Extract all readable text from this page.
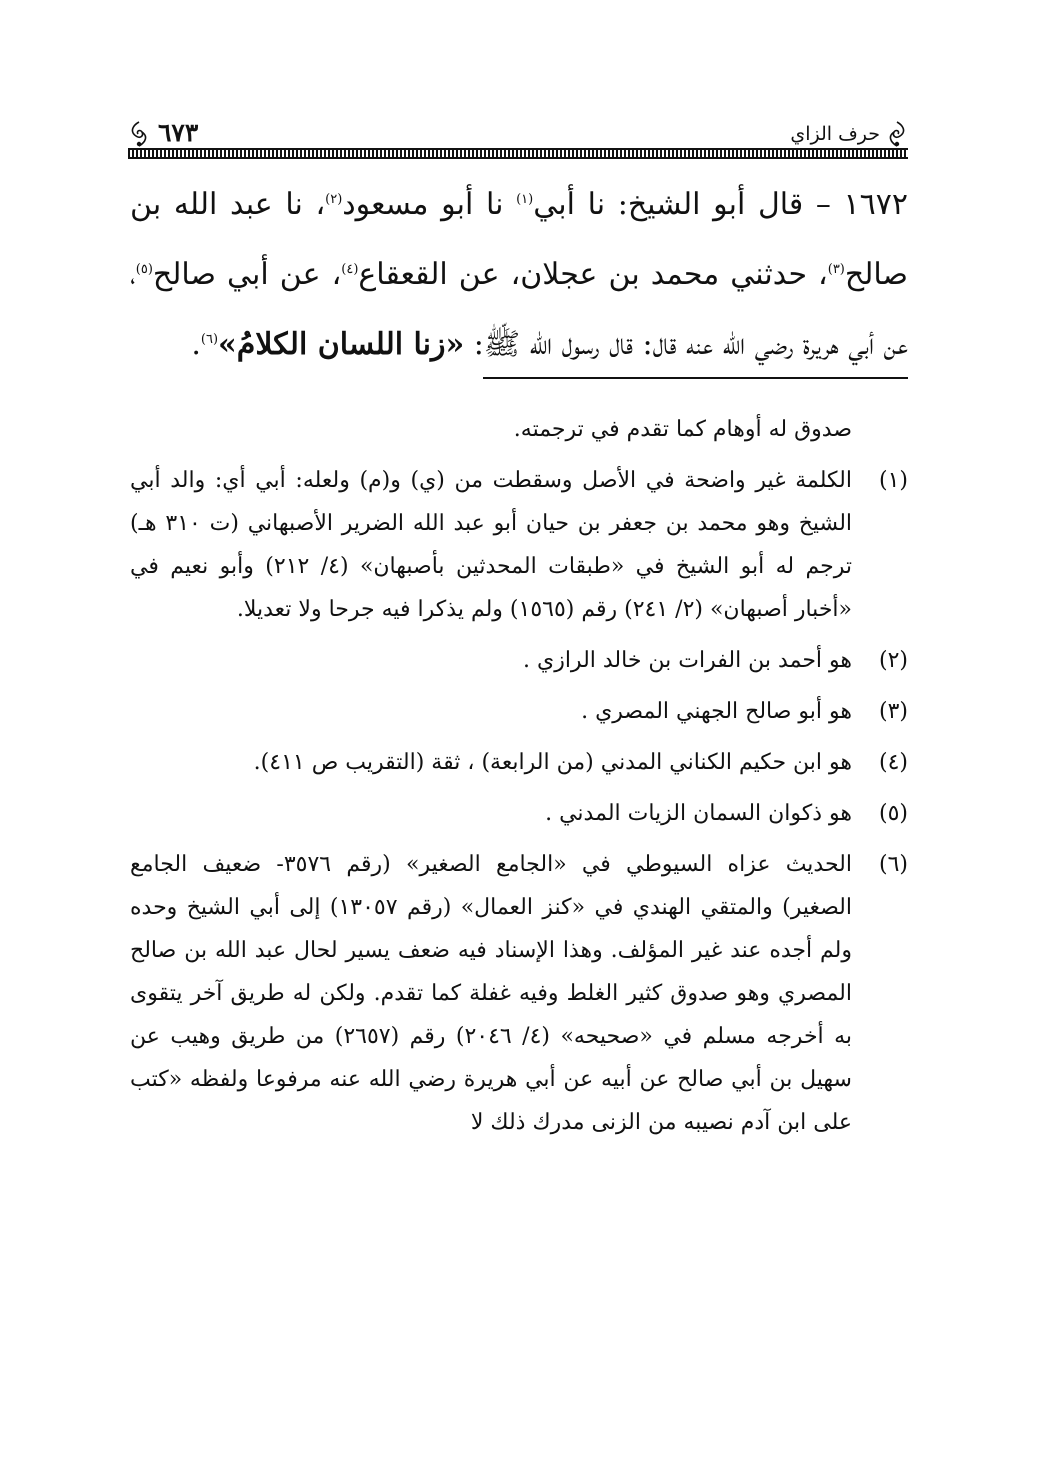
حرف الزاي
٦٧٣

١٦٧٢ – قال أبو الشيخ: نا أبي$^{(١)}$ نا أبو مسعود$^{(٢)}$، نا عبد الله بن صالح$^{(٣)}$، حدثني محمد بن عجلان، عن القعقاع$^{(٤)}$، عن أبي صالح$^{(٥)}$، عن أبي هريرة رضي الله عنه قال: قال رسول الله ﷺ: «زنا اللسان الكلامُ»$^{(٦)}$.

صدوق له أوهام كما تقدم في ترجمته.

(١)
الكلمة غير واضحة في الأصل وسقطت من (ي) و(م) ولعله: أبي أي: والد أبي الشيخ وهو محمد بن جعفر بن حيان أبو عبد الله الضرير الأصبهاني (ت ٣١٠ هـ) ترجم له أبو الشيخ في «طبقات المحدثين بأصبهان» (٤/ ٢١٢) وأبو نعيم في «أخبار أصبهان» (٢/ ٢٤١) رقم (١٥٦٥) ولم يذكرا فيه جرحا ولا تعديلا.
(٢)
هو أحمد بن الفرات بن خالد الرازي .
(٣)
هو أبو صالح الجهني المصري .
(٤)
هو ابن حكيم الكناني المدني (من الرابعة) ، ثقة (التقريب ص ٤١١).
(٥)
هو ذكوان السمان الزيات المدني .
(٦)
الحديث عزاه السيوطي في «الجامع الصغير» (رقم ٣٥٧٦- ضعيف الجامع الصغير) والمتقي الهندي في «كنز العمال» (رقم ١٣٠٥٧) إلى أبي الشيخ وحده ولم أجده عند غير المؤلف. وهذا الإسناد فيه ضعف يسير لحال عبد الله بن صالح المصري وهو صدوق كثير الغلط وفيه غفلة كما تقدم. ولكن له طريق آخر يتقوى به أخرجه مسلم في «صحيحه» (٤/ ٢٠٤٦) رقم (٢٦٥٧) من طريق وهيب عن سهيل بن أبي صالح عن أبيه عن أبي هريرة رضي الله عنه مرفوعا ولفظه «كتب على ابن آدم نصيبه من الزنى مدرك ذلك لا
